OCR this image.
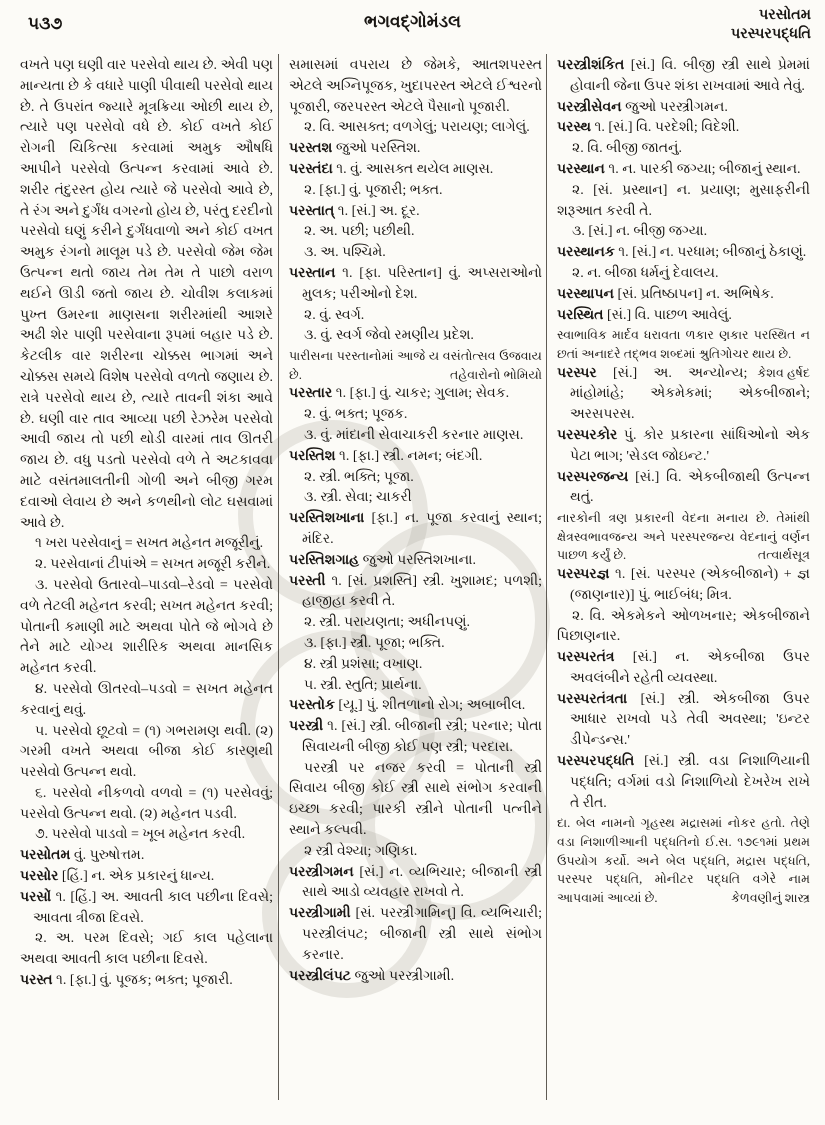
૫૩૭	ભગવદ્ગોમંડલ	પરસોતમ
પરસ્પરપદ્ધતિ

વખતે પણ ઘણી વાર પરસેવો થાય છે. એવી પણ માન્યતા છે કે વધારે પાણી પીવાથી પરસેવો થાય છે. તે ઉપરાંત જ્યારે મૂત્રક્રિયા ઓછી થાય છે, ત્યારે પણ પરસેવો વધે છે. કોઈ વખતે કોઈ રોગની ચિકિત્સા કરવામાં અમુક ઔષધિ આપીને પરસેવો ઉત્પન્ન કરવામાં આવે છે. શરીર તંદુરસ્ત હોય ત્યારે જે પરસેવો આવે છે, તે રંગ અને દુર્ગંધ વગરનો હોય છે, પરંતુ દરદીનો પરસેવો ઘણું કરીને દુર્ગંધવાળો અને કોઈ વખત અમુક રંગનો માલૂમ પડે છે. પરસેવો જેમ જેમ ઉત્પન્ન થતો જાય તેમ તેમ તે પાછો વરાળ થઈને ઊડી જતો જાય છે. ચોવીશ કલાકમાં પુખ્ત ઉમરના માણસના શરીરમાંથી આશરે અઢી શેર પાણી પરસેવાના રૂપમાં બહાર પડે છે. કેટલીક વાર શરીરના ચોક્કસ ભાગમાં અને ચોક્કસ સમયે વિશેષ પરસેવો વળતો જણાય છે. રાત્રે પરસેવો થાય છે, ત્યારે તાવની શંકા આવે છે. ઘણી વાર તાવ આવ્યા પછી રેઝરેમ પરસેવો આવી જાય તો પછી થોડી વારમાં તાવ ઊતરી જાય છે. વધુ પડતો પરસેવો વળે તે અટકાવવા માટે વસંતમાલતીની ગોળી અને બીજી ગરમ દવાઓ લેવાય છે અને કળથીનો લોટ ઘસવામાં આવે છે.

૧ ખરા પરસેવાનું = સખત મહેનત મજૂરીનું.

૨. પરસેવાનાં ટીપાંએ = સખત મજૂરી કરીને.

૩. પરસેવો ઉતારવો–પાડવો–રેડવો = પરસેવો વળે તેટલી મહેનત કરવી; સખત મહેનત કરવી; પોતાની કમાણી માટે અથવા પોતે જે ભોગવે છે તેને માટે યોગ્ય શારીરિક અથવા માનસિક મહેનત કરવી.

૪. પરસેવો ઊતરવો–પડવો = સખત મહેનત કરવાનું થવું.

૫. પરસેવો છૂટવો = (૧) ગભરામણ થવી. (૨) ગરમી વખતે અથવા બીજા કોઈ કારણથી પરસેવો ઉત્પન્ન થવો.

૬. પરસેવો નીકળવો વળવો = (૧) પરસેવવું; પરસેવો ઉત્પન્ન થવો. (૨) મહેનત પડવી.

૭. પરસેવો પાડવો = ખૂબ મહેનત કરવી.

પરસોતમ વું. પુરુષોત્તમ.

પરસોર [હિં.] ન. એક પ્રકારનું ધાન્ય.

પરસોં ૧. [હિં.] અ. આવતી કાલ પછીના દિવસે; આવતા ત્રીજા દિવસે.

૨. અ. પરમ દિવસે; ગઈ કાલ પહેલાના અથવા આવતી કાલ પછીના દિવસે.

પરસ્ત ૧. [ફા.] વું. પૂજક; ભક્ત; પૂજારી.

સમાસમાં વપરાય છે જેમકે, આતશપરસ્ત એટલે અગ્નિપૂજક, ખુદાપરસ્ત એટલે ઈશ્વરનો પૂજારી, જરપરસ્ત એટલે પૈસાનો પૂજારી.

૨. વિ. આસક્ત; વળગેલું; પરાયણ; લાગેલું.

પરસ્તશ જુઓ પરસ્તિશ.

પરસ્તંદા ૧. વું. આસક્ત થયેલ માણસ.

૨. [ફા.] વું. પૂજારી; ભક્ત.

પરસ્તાત્ ૧. [સં.] અ. દૂર.

૨. અ. પછી; પછીથી.

૩. અ. પશ્ચિમે.

પરસ્તાન ૧. [ફા. પરિસ્તાન] વું. અપ્સરાઓનો મુલક; પરીઓનો દેશ.

૨. વું. સ્વર્ગ.

૩. વું. સ્વર્ગ જેવો રમણીય પ્રદેશ.

પારીસના પરસ્તાનોમાં આજે ય વસંતોત્સવ ઉજવાય છે.	તહેવારોનો ભોમિયો

પરસ્તાર ૧. [ફા.] વું. ચાકર; ગુલામ; સેવક.

૨. વું. ભક્ત; પૂજક.

૩. વું. માંદાની સેવાચાકરી કરનાર માણસ.

પરસ્તિશ ૧. [ફા.] સ્ત્રી. નમન; બંદગી.

૨. સ્ત્રી. ભક્તિ; પૂજા.

૩. સ્ત્રી. સેવા; ચાકરી

પરસ્તિશખાના [ફા.] ન. પૂજા કરવાનું સ્થાન; મંદિર.

પરસ્તિશગાહ જુઓ પરસ્તિશખાના.

પરસ્તી ૧. [સં. પ્રશસ્તિ] સ્ત્રી. ખુશામદ; પળશી; હાજીહા કરવી તે.

૨. સ્ત્રી. પરાયણતા; અધીનપણું.

૩. [ફા.] સ્ત્રી. પૂજા; ભક્તિ.

૪. સ્ત્રી પ્રશંસા; વખાણ.

૫. સ્ત્રી. સ્તુતિ; પ્રાર્થના.

પરસ્તોક [યૂ.] પું. શીતળાનો રોગ; અબાબીલ.

પરસ્ત્રી ૧. [સં.] સ્ત્રી. બીજાની સ્ત્રી; પરનાર; પોતા સિવાયની બીજી કોઈ પણ સ્ત્રી; પરદારા.

પરસ્ત્રી પર નજર કરવી = પોતાની સ્ત્રી સિવાય બીજી કોઈ સ્ત્રી સાથે સંભોગ કરવાની ઇચ્છા કરવી; પારકી સ્ત્રીને પોતાની પત્નીને સ્થાને કલ્પવી.

૨ સ્ત્રી વેશ્યા; ગણિકા.

પરસ્ત્રીગમન [સં.] ન. વ્યભિચાર; બીજાની સ્ત્રી સાથે આડો વ્યવહાર રાખવો તે.

પરસ્ત્રીગામી [સં. પરસ્ત્રીગામિન્] વિ. વ્યભિચારી; પરસ્ત્રીલંપટ; બીજાની સ્ત્રી સાથે સંભોગ કરનાર.

પરસ્ત્રીલંપટ જુઓ પરસ્ત્રીગામી.

પરસ્ત્રીશંકિત [સં.] વિ. બીજી સ્ત્રી સાથે પ્રેમમાં હોવાની જેના ઉપર શંકા રાખવામાં આવે તેવું.

પરસ્ત્રીસેવન જુઓ પરસ્ત્રીગમન.

પરસ્થ ૧. [સં.] વિ. પરદેશી; વિદેશી.

૨. વિ. બીજી જાતનું.

પરસ્થાન ૧. ન. પારકી જગ્યા; બીજાનું સ્થાન.

૨. [સં. પ્રસ્થાન] ન. પ્રયાણ; મુસાફરીની શરૂઆત કરવી તે.

૩. [સં.] ન. બીજી જગ્યા.

પરસ્થાનક ૧. [સં.] ન. પરધામ; બીજાનું ઠેકાણું.

૨. ન. બીજા ધર્મનું દેવાલય.

પરસ્થાપન [સં. પ્રતિષ્ઠાપન] ન. અભિષેક.

પરસ્થિત [સં.] વિ. પાછળ આવેલું.

સ્વાભાવિક માર્દવ ધરાવતા ળકાર ણકાર પરસ્થિત ન છતાં અનાદરે તદ્ભવ શબ્દમાં શ્રુતિગોચર થાય છે.
કેશવ હર્ષદ

પરસ્પર [સં.] અ. અન્યોન્ય; માંહોમાંહે; એકમેકમાં; એકબીજાને; અરસપરસ.

પરસ્પરકોર પું. કોર પ્રકારના સાંધિઓનો એક પેટા ભાગ; 'સેડલ જોઇન્ટ.'

પરસ્પરજન્ય [સં.] વિ. એકબીજાથી ઉત્પન્ન થતું.

નારકોની ત્રણ પ્રકારની વેદના મનાય છે. તેમાંથી ક્ષેત્રસ્વભાવજન્ય અને પરસ્પરજન્ય વેદનાનું વર્ણન પાછળ કર્યું છે.	તત્વાર્થસૂત્ર

પરસ્પરજ્ઞ ૧. [સં. પરસ્પર (એકબીજાને) + જ્ઞ (જાણનાર)] પું. ભાઈબંધ; મિત્ર.

૨. વિ. એકમેકને ઓળખનાર; એકબીજાને પિછાણનાર.

પરસ્પરતંત્ર [સં.] ન. એકબીજા ઉપર અવલંબીને રહેતી વ્યવસ્થા.

પરસ્પરતંત્રતા [સં.] સ્ત્રી. એકબીજા ઉપર આધાર રાખવો પડે તેવી અવસ્થા; 'ઇન્ટર ડીપેન્ડન્સ.'

પરસ્પરપદ્ધતિ [સં.] સ્ત્રી. વડા નિશાળિયાની પદ્ધતિ; વર્ગમાં વડો નિશાળિયો દેખરેખ રાખે તે રીત.

દા. બેલ નામનો ગૃહસ્થ મદ્રાસમાં નોકર હતો. તેણે વડા નિશાળીઆની પદ્ધતિનો ઈ.સ. ૧૭૯૧માં પ્રથમ ઉપયોગ કર્યો. અને બેલ પદ્ધતિ, મદ્રાસ પદ્ધતિ, પરસ્પર પદ્ધતિ, મોનીટર પદ્ધતિ વગેરે નામ આપવામાં આવ્યાં છે.	કેળવણીનું શાસ્ત્ર
